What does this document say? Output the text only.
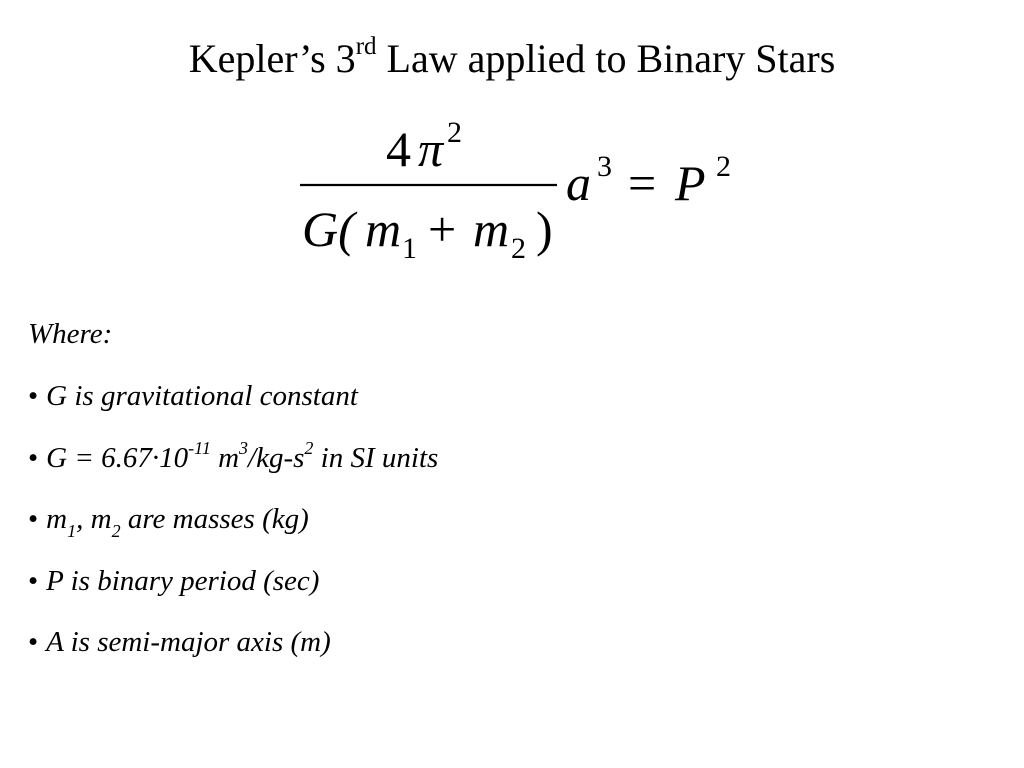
Kepler’s 3rd Law applied to Binary Stars
4 π 2
G( m 1 + m 2 )
a 3 = P 2
Where:
• G is gravitational constant
• $G = 6.67\cdot 10^{-11}$ $m^3/kg-s^2$ in SI units
• $m_1$, $m_2$ are masses (kg)
• P is binary period (sec)
• A is semi-major axis (m)
